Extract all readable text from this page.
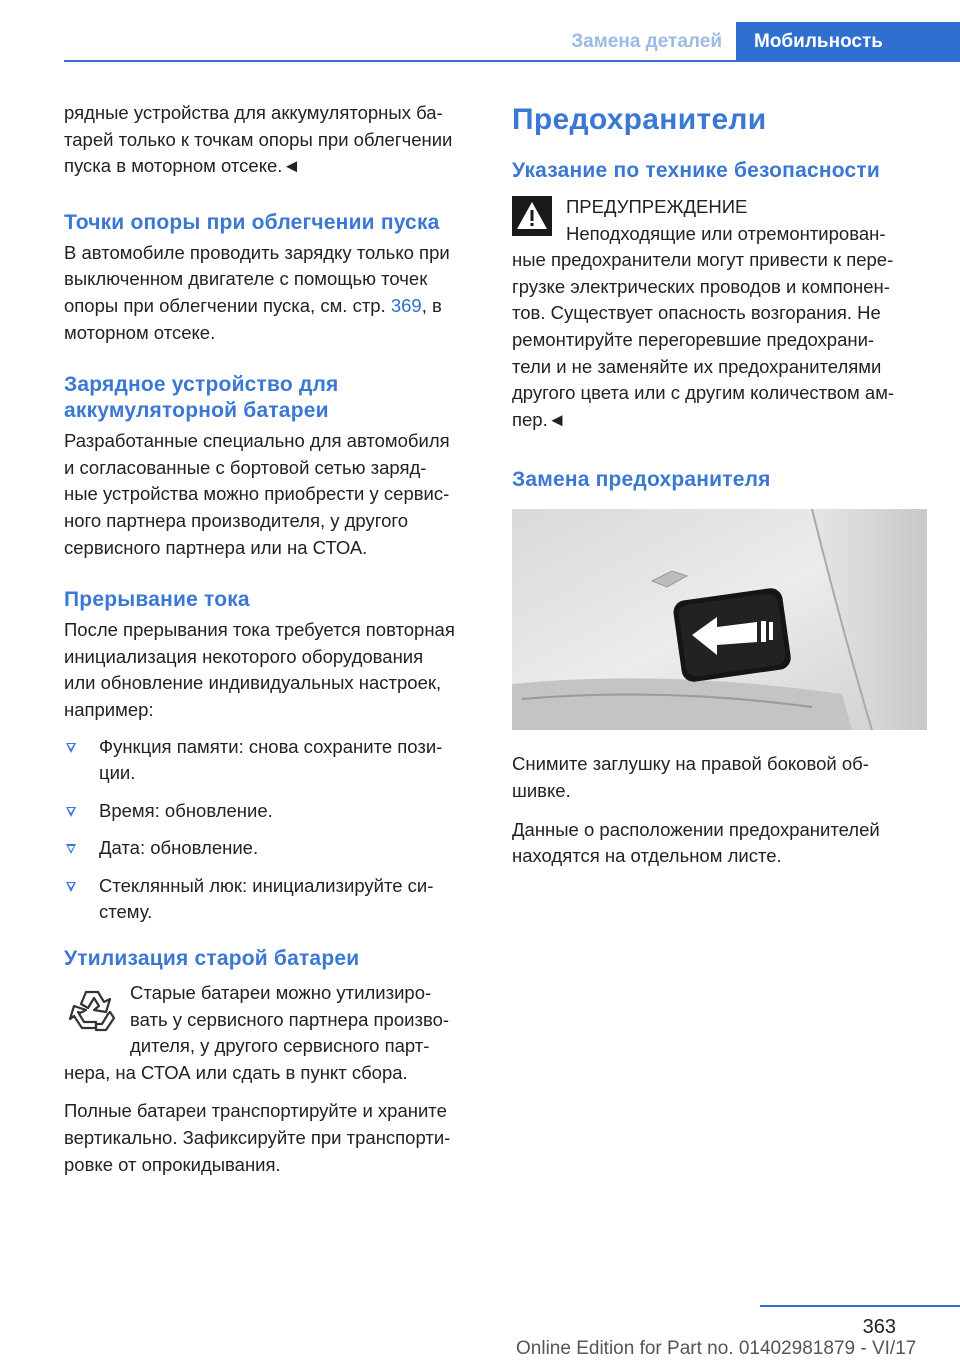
Замена деталей	Мобильность

рядные устройства для аккумуляторных ба‐
тарей только к точкам опоры при облегчении
пуска в моторном отсеке.◄

Точки опоры при облегчении пуска

В автомобиле проводить зарядку только при
выключенном двигателе с помощью точек
опоры при облегчении пуска, см. стр. 369, в
моторном отсеке.

Зарядное устройство для
аккумуляторной батареи

Разработанные специально для автомобиля
и согласованные с бортовой сетью заряд‐
ные устройства можно приобрести у сервис‐
ного партнера производителя, у другого
сервисного партнера или на СТОА.

Прерывание тока

После прерывания тока требуется повторная
инициализация некоторого оборудования
или обновление индивидуальных настроек,
например:

Функция памяти: снова сохраните пози‐
ции.
Время: обновление.
Дата: обновление.
Стеклянный люк: инициализируйте си‐
стему.
Утилизация старой батареи

Старые батареи можно утилизиро‐
вать у сервисного партнера произво‐
дителя, у другого сервисного парт‐

нера, на СТОА или сдать в пункт сбора.

Полные батареи транспортируйте и храните
вертикально. Зафиксируйте при транспорти‐
ровке от опрокидывания.

Предохранители
Указание по технике безопасности

ПРЕДУПРЕЖДЕНИЕ
Неподходящие или отремонтирован‐

ные предохранители могут привести к пере‐
грузке электрических проводов и компонен‐
тов. Существует опасность возгорания. Не
ремонтируйте перегоревшие предохрани‐
тели и не заменяйте их предохранителями
другого цвета или с другим количеством ам‐
пер.◄

Замена предохранителя

Снимите заглушку на правой боковой об‐
шивке.

Данные о расположении предохранителей
находятся на отдельном листе.

363
Online Edition for Part no. 01402981879 - VI/17
